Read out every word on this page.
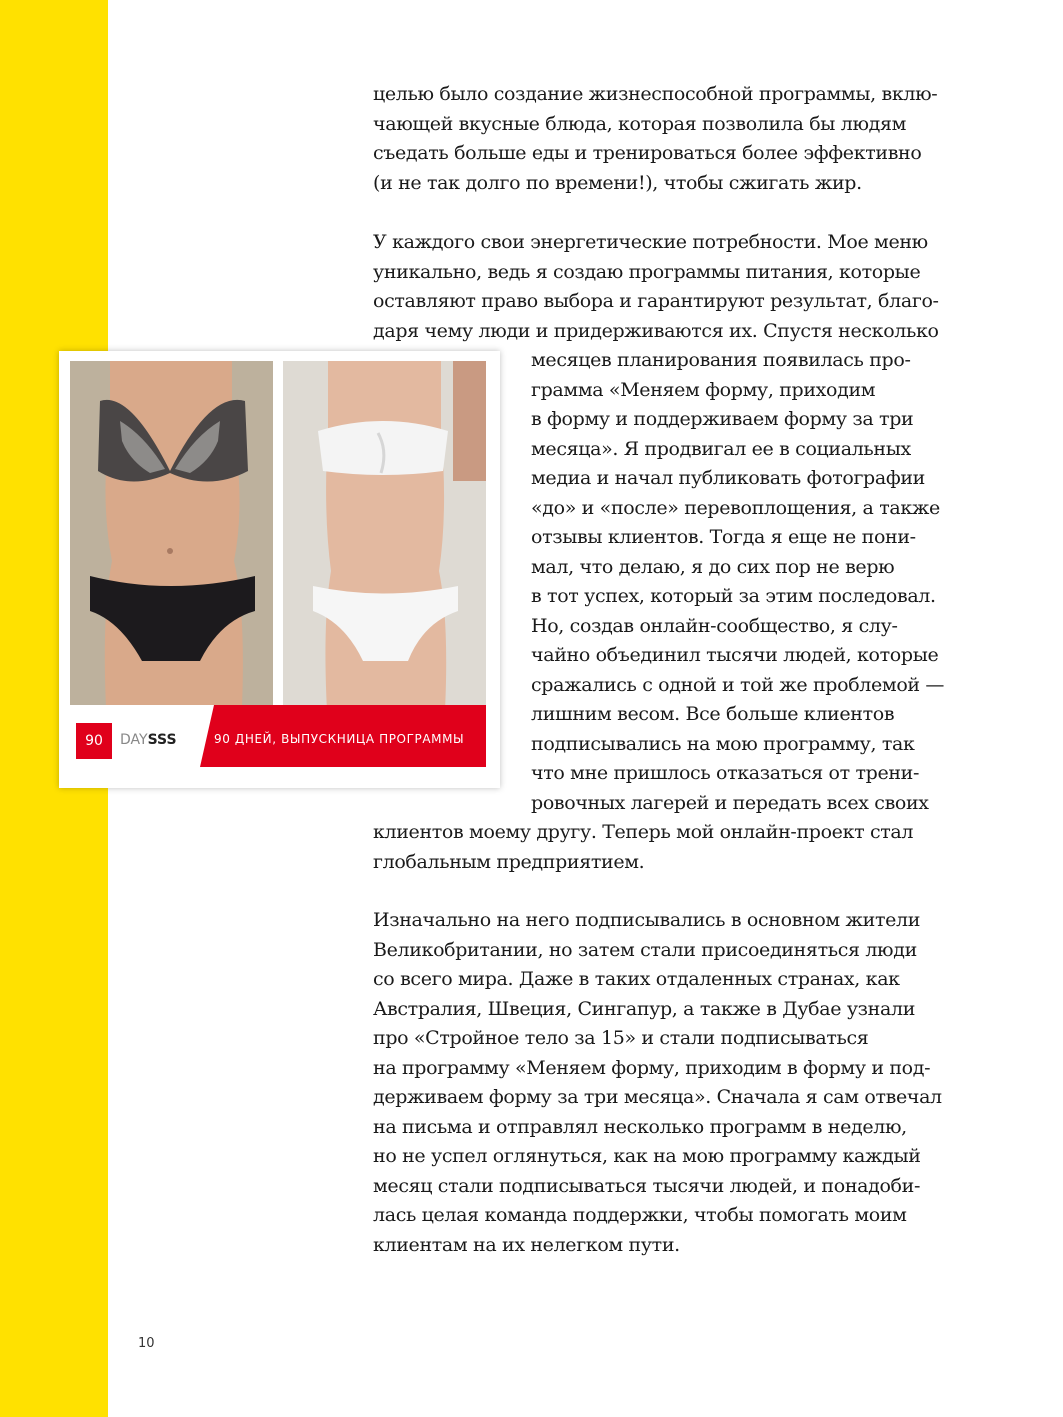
целью было создание жизнеспособной программы, вклю-
чающей вкусные блюда, которая позволила бы людям
съедать больше еды и тренироваться более эффективно
(и не так долго по времени!), чтобы сжигать жир.
У каждого свои энергетические потребности. Мое меню
уникально, ведь я создаю программы питания, которые
оставляют право выбора и гарантируют результат, благо-
даря чему люди и придерживаются их. Спустя несколько
месяцев планирования появилась про-
грамма «Меняем форму, приходим
в форму и поддерживаем форму за три
месяца». Я продвигал ее в социальных
медиа и начал публиковать фотографии
«до» и «после» перевоплощения, а также
отзывы клиентов. Тогда я еще не пони-
мал, что делаю, я до сих пор не верю
в тот успех, который за этим последовал.
Но, создав онлайн-сообщество, я слу-
чайно объединил тысячи людей, которые
сражались с одной и той же проблемой —
лишним весом. Все больше клиентов
подписывались на мою программу, так
что мне пришлось отказаться от трени-
ровочных лагерей и передать всех своих
клиентов моему другу. Теперь мой онлайн-проект стал
глобальным предприятием.
Изначально на него подписывались в основном жители
Великобритании, но затем стали присоединяться люди
со всего мира. Даже в таких отдаленных странах, как
Австралия, Швеция, Сингапур, а также в Дубае узнали
про «Стройное тело за 15» и стали подписываться
на программу «Меняем форму, приходим в форму и под-
держиваем форму за три месяца». Сначала я сам отвечал
на письма и отправлял несколько программ в неделю,
но не успел оглянуться, как на мою программу каждый
месяц стали подписываться тысячи людей, и понадоби-
лась целая команда поддержки, чтобы помогать моим
клиентам на их нелегком пути.
90	DAYSSS	90 ДНЕЙ, ВЫПУСКНИЦА ПРОГРАММЫ
10
